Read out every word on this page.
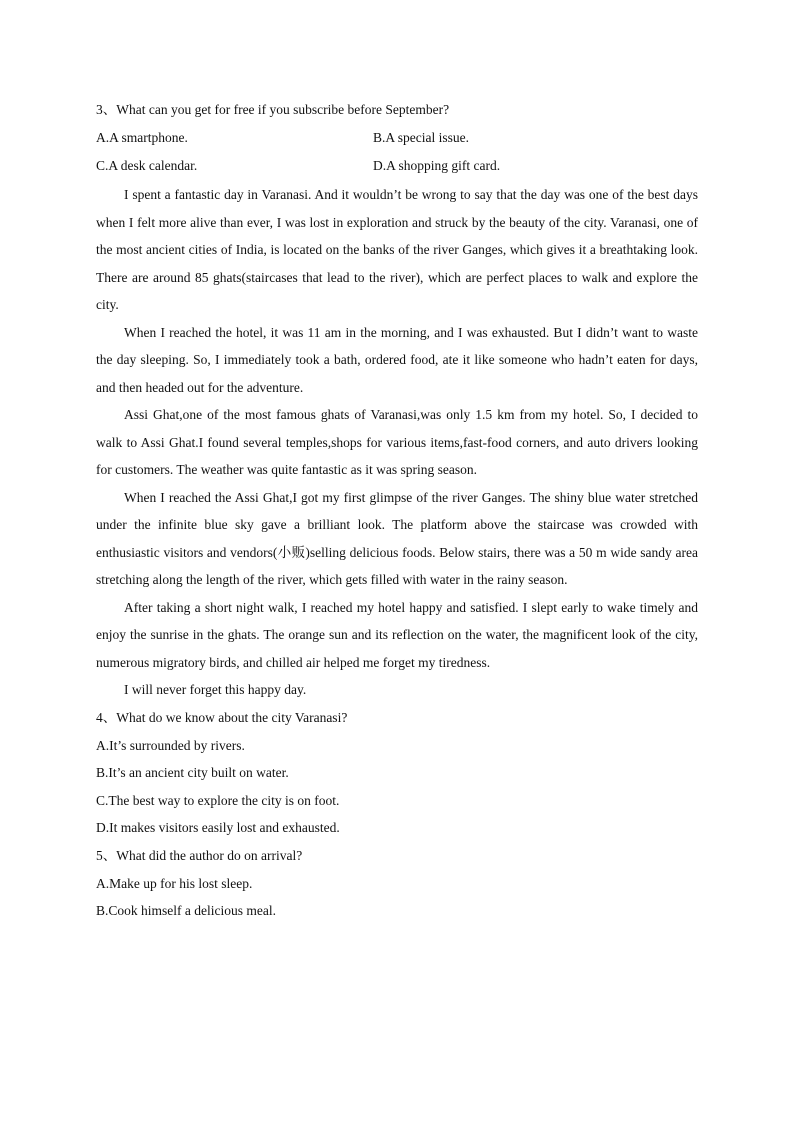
3、What can you get for free if you subscribe before September?
A.A smartphone.	B.A special issue.
C.A desk calendar.	D.A shopping gift card.

I spent a fantastic day in Varanasi. And it wouldn’t be wrong to say that the day was one of the best days when I felt more alive than ever, I was lost in exploration and struck by the beauty of the city. Varanasi, one of the most ancient cities of India, is located on the banks of the river Ganges, which gives it a breathtaking look. There are around 85 ghats(staircases that lead to the river), which are perfect places to walk and explore the city.

When I reached the hotel, it was 11 am in the morning, and I was exhausted. But I didn’t want to waste the day sleeping. So, I immediately took a bath, ordered food, ate it like someone who hadn’t eaten for days, and then headed out for the adventure.

Assi Ghat,one of the most famous ghats of Varanasi,was only 1.5 km from my hotel. So, I decided to walk to Assi Ghat.I found several temples,shops for various items,fast-food corners, and auto drivers looking for customers. The weather was quite fantastic as it was spring season.

When I reached the Assi Ghat,I got my first glimpse of the river Ganges. The shiny blue water stretched under the infinite blue sky gave a brilliant look. The platform above the staircase was crowded with enthusiastic visitors and vendors(小贩)selling delicious foods. Below stairs, there was a 50 m wide sandy area stretching along the length of the river, which gets filled with water in the rainy season.

After taking a short night walk, I reached my hotel happy and satisfied. I slept early to wake timely and enjoy the sunrise in the ghats. The orange sun and its reflection on the water, the magnificent look of the city, numerous migratory birds, and chilled air helped me forget my tiredness.

I will never forget this happy day.

4、What do we know about the city Varanasi?
A.It’s surrounded by rivers.
B.It’s an ancient city built on water.
C.The best way to explore the city is on foot.
D.It makes visitors easily lost and exhausted.
5、What did the author do on arrival?
A.Make up for his lost sleep.
B.Cook himself a delicious meal.
